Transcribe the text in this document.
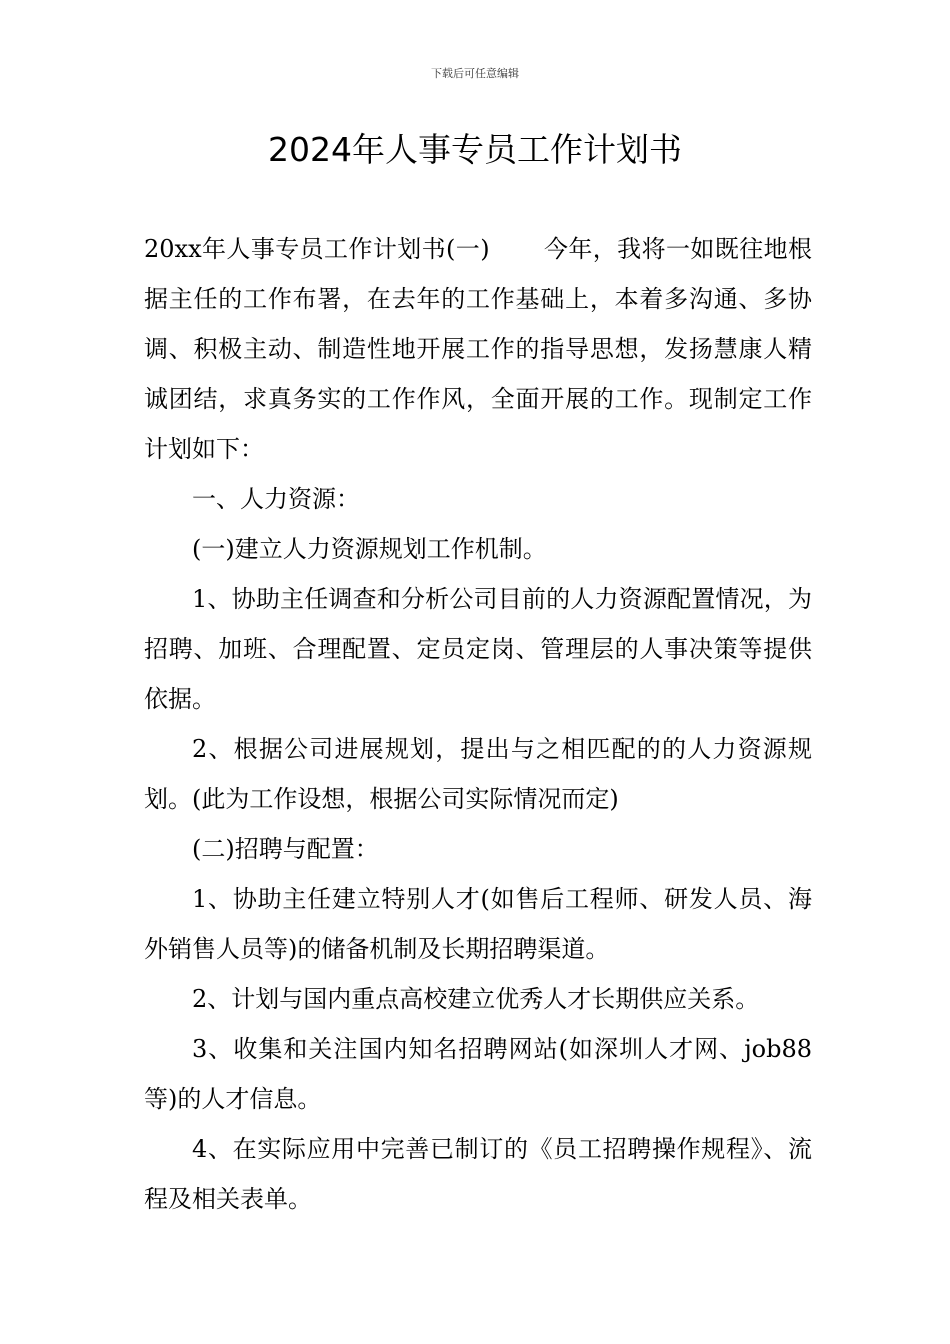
下载后可任意编辑
2024年人事专员工作计划书

20xx年人事专员工作计划书(一) 今年，我将一如既往地根据主任的工作布署，在去年的工作基础上，本着多沟通、多协调、积极主动、制造性地开展工作的指导思想，发扬慧康人精诚团结，求真务实的工作作风，全面开展的工作。现制定工作计划如下：

一、人力资源：

(一)建立人力资源规划工作机制。

1、协助主任调查和分析公司目前的人力资源配置情况，为招聘、加班、合理配置、定员定岗、管理层的人事决策等提供依据。

2、根据公司进展规划，提出与之相匹配的的人力资源规划。(此为工作设想，根据公司实际情况而定)

(二)招聘与配置：

1、协助主任建立特别人才(如售后工程师、研发人员、海外销售人员等)的储备机制及长期招聘渠道。

2、计划与国内重点高校建立优秀人才长期供应关系。

3、收集和关注国内知名招聘网站(如深圳人才网、job88等)的人才信息。

4、在实际应用中完善已制订的《员工招聘操作规程》、流程及相关表单。
